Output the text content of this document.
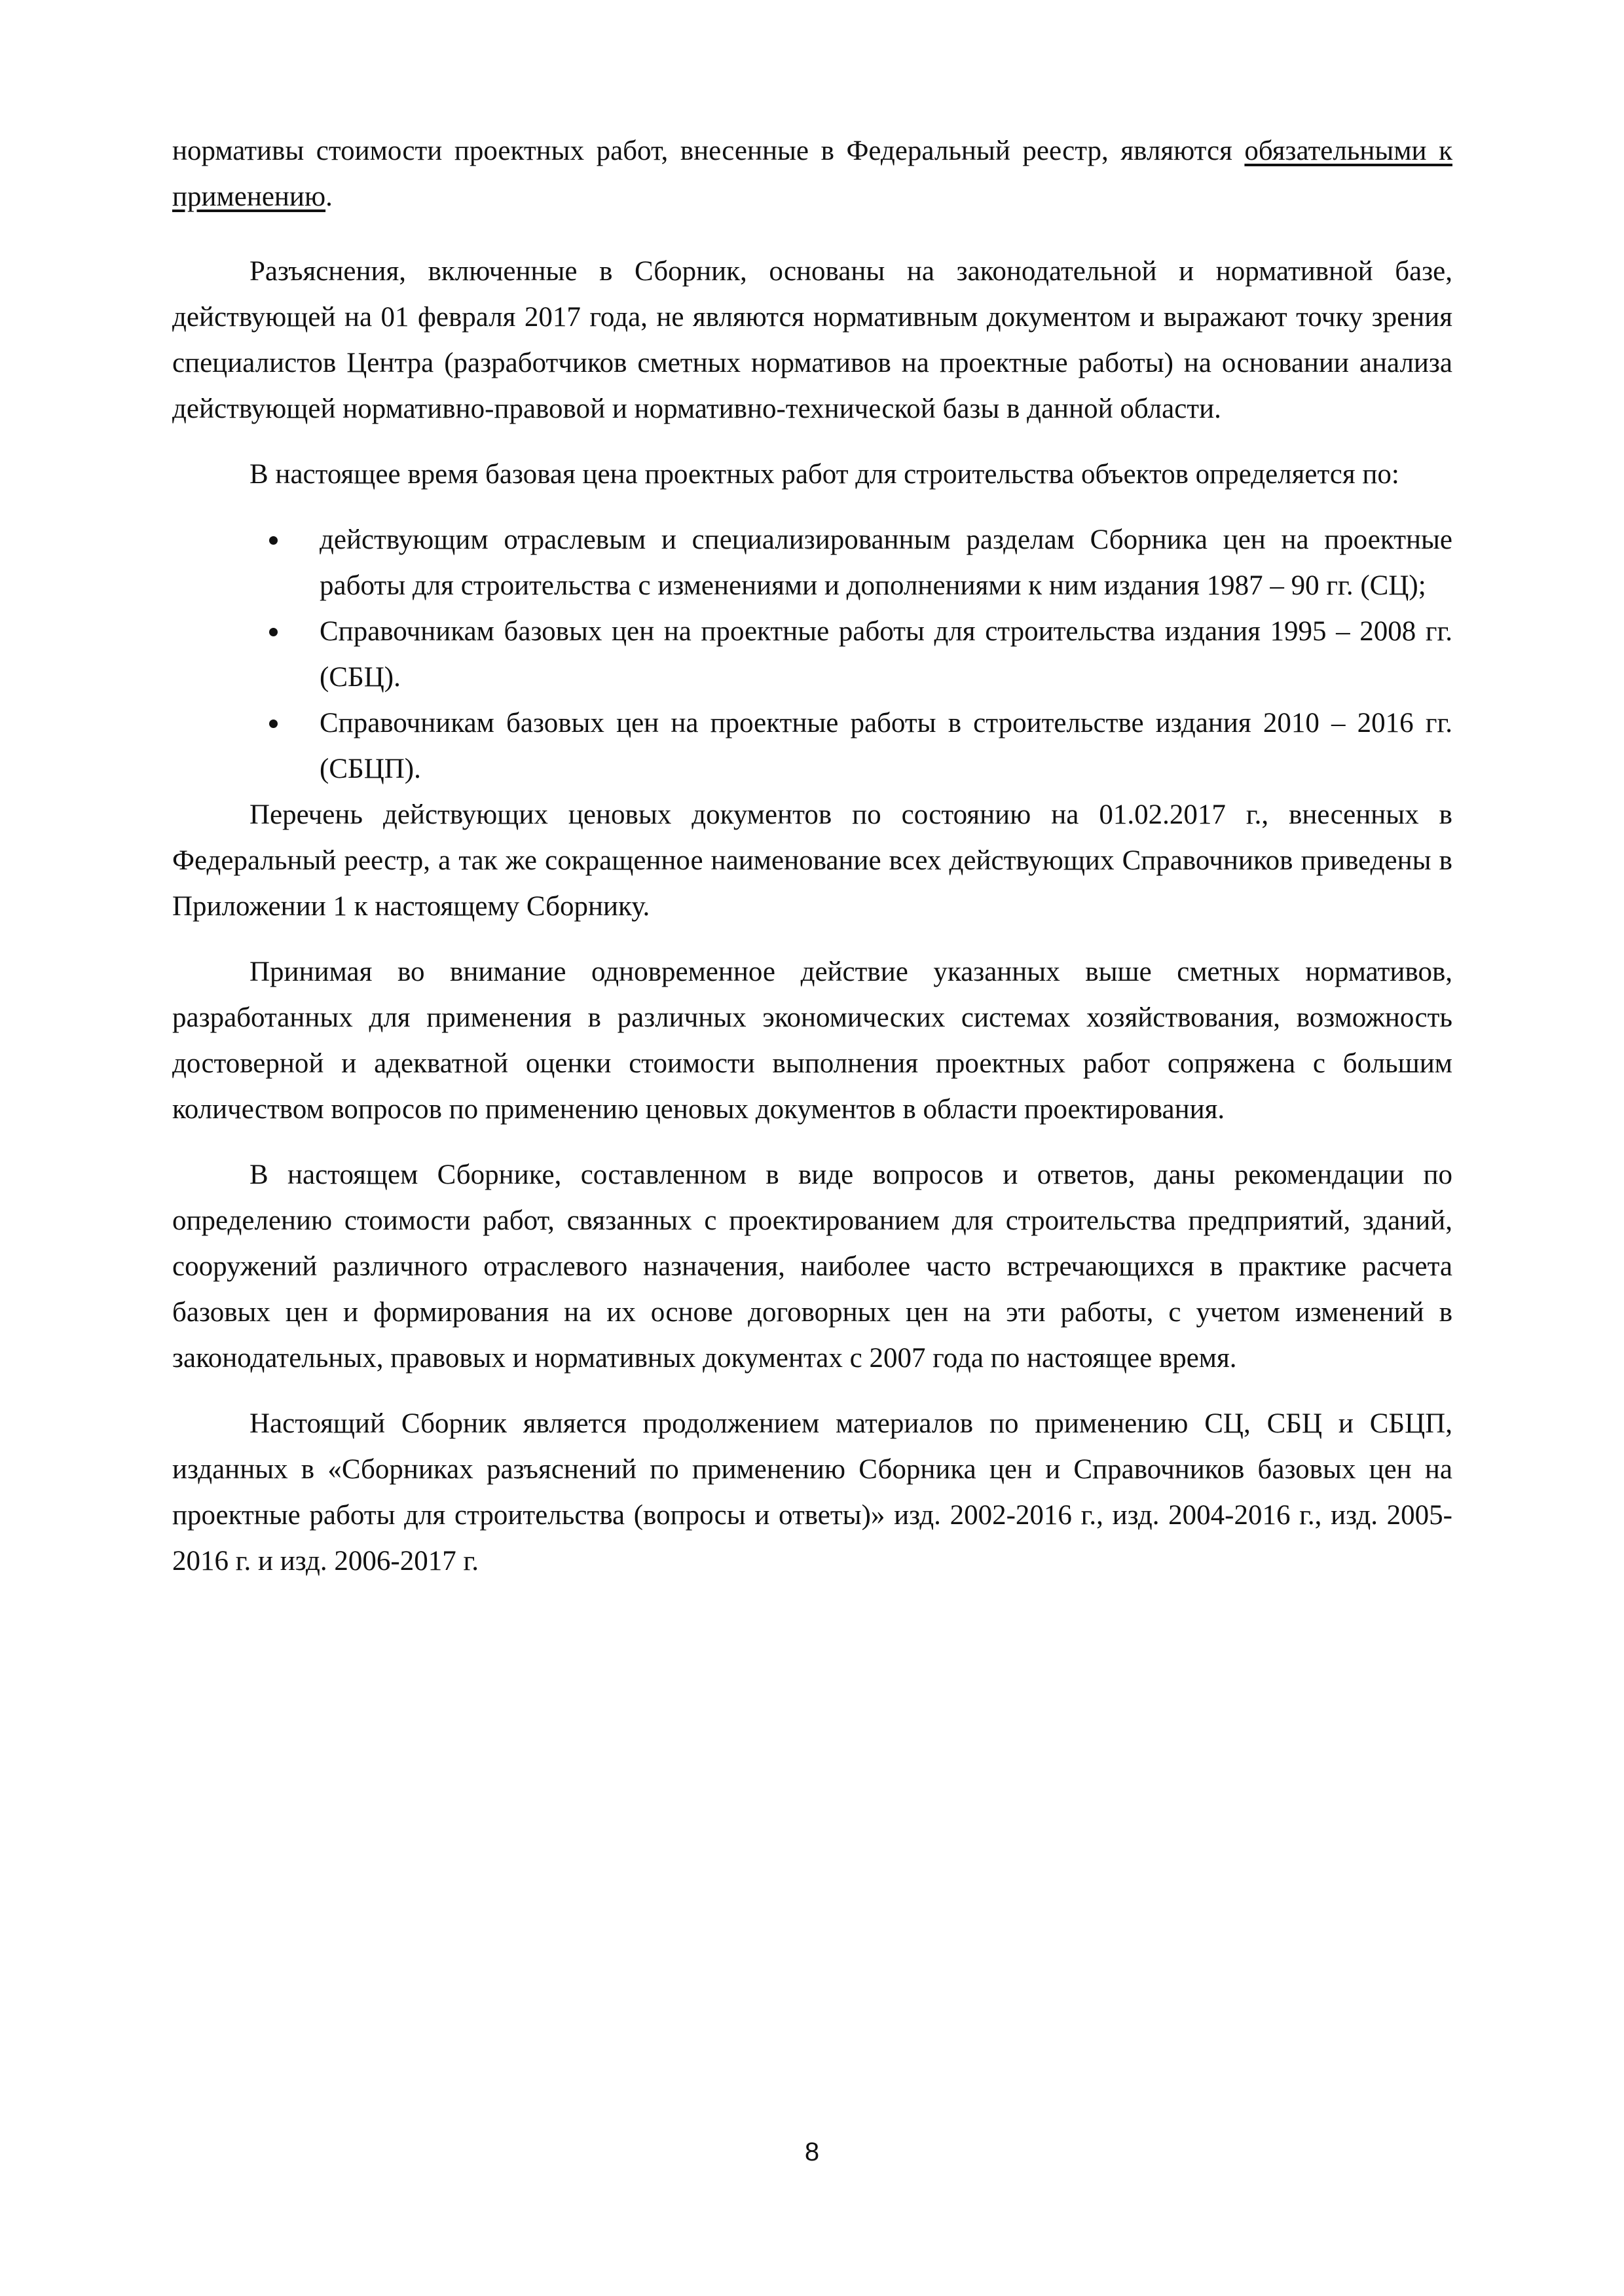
нормативы стоимости проектных работ, внесенные в Федеральный реестр, являются обязательными к применению.

Разъяснения, включенные в Сборник, основаны на законодательной и нормативной базе, действующей на 01 февраля 2017 года, не являются нормативным документом и выражают точку зрения специалистов Центра (разработчиков сметных нормативов на проектные работы) на основании анализа действующей нормативно-правовой и нормативно-технической базы в данной области.

В настоящее время базовая цена проектных работ для строительства объектов определяется по:

действующим отраслевым и специализированным разделам Сборника цен на проектные работы для строительства с изменениями и дополнениями к ним издания 1987 – 90 гг. (СЦ);
Справочникам базовых цен на проектные работы для строительства издания 1995 – 2008 гг. (СБЦ).
Справочникам базовых цен на проектные работы в строительстве издания 2010 – 2016 гг. (СБЦП).

Перечень действующих ценовых документов по состоянию на 01.02.2017 г., внесенных в Федеральный реестр, а так же сокращенное наименование всех действующих Справочников приведены в Приложении 1 к настоящему Сборнику.

Принимая во внимание одновременное действие указанных выше сметных нормативов, разработанных для применения в различных экономических системах хозяйствования, возможность достоверной и адекватной оценки стоимости выполнения проектных работ сопряжена с большим количеством вопросов по применению ценовых документов в области проектирования.

В настоящем Сборнике, составленном в виде вопросов и ответов, даны рекомендации по определению стоимости работ, связанных с проектированием для строительства предприятий, зданий, сооружений различного отраслевого назначения, наиболее часто встречающихся в практике расчета базовых цен и формирования на их основе договорных цен на эти работы, с учетом изменений в законодательных, правовых и нормативных документах с 2007 года по настоящее время.

Настоящий Сборник является продолжением материалов по применению СЦ, СБЦ и СБЦП, изданных в «Сборниках разъяснений по применению Сборника цен и Справочников базовых цен на проектные работы для строительства (вопросы и ответы)» изд. 2002-2016 г., изд. 2004-2016 г., изд. 2005-2016 г. и изд. 2006-2017 г.

8
